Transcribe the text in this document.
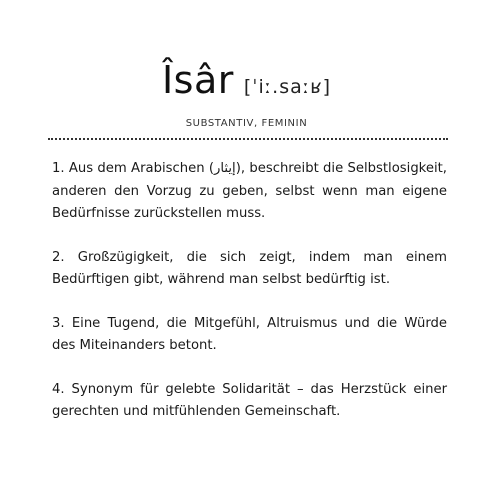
Îsâr [ˈiː.saːʁ]
SUBSTANTIV, FEMININ

1. Aus dem Arabischen (إيثار), beschreibt die Selbstlosigkeit, anderen den Vorzug zu geben, selbst wenn man eigene Bedürfnisse zurückstellen muss.

2. Großzügigkeit, die sich zeigt, indem man einem Bedürftigen gibt, während man selbst bedürftig ist.

3. Eine Tugend, die Mitgefühl, Altruismus und die Würde des Miteinanders betont.

4. Synonym für gelebte Solidarität – das Herzstück einer gerechten und mitfühlenden Gemeinschaft.
